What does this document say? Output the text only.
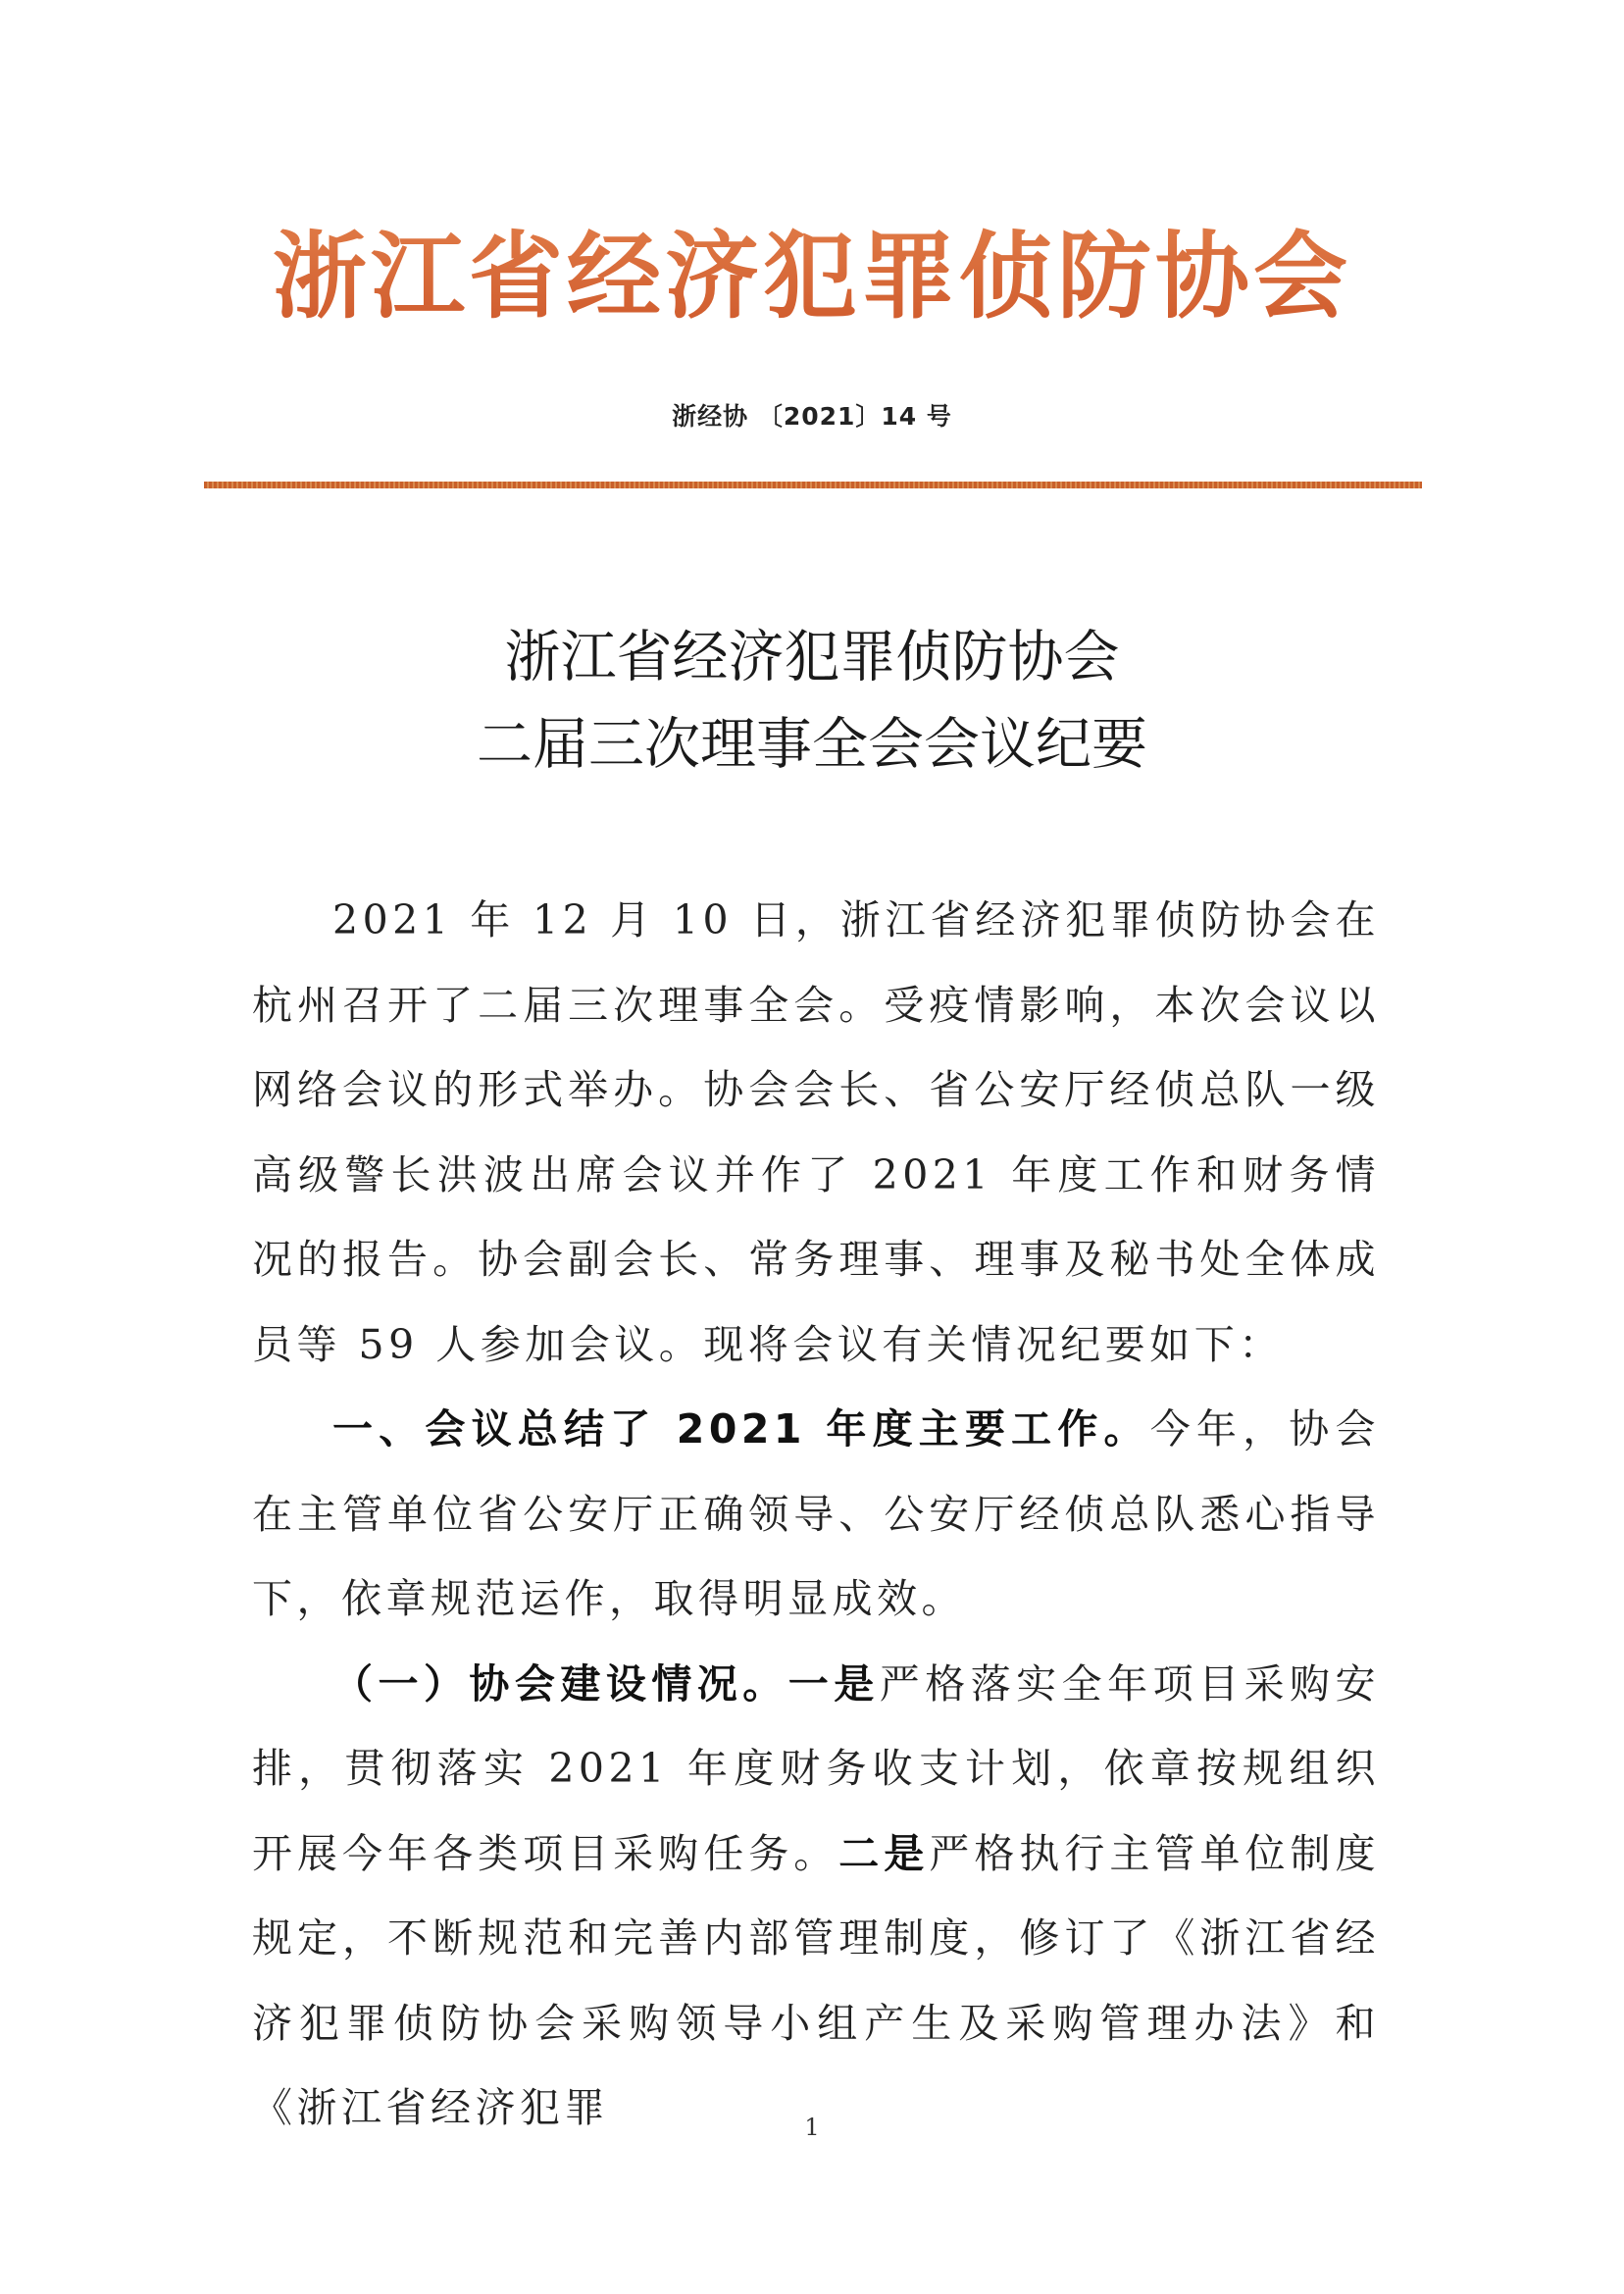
浙江省经济犯罪侦防协会
浙经协 〔2021〕14 号
浙江省经济犯罪侦防协会
二届三次理事全会会议纪要

2021 年 12 月 10 日，浙江省经济犯罪侦防协会在杭州召开了二届三次理事全会。受疫情影响，本次会议以网络会议的形式举办。协会会长、省公安厅经侦总队一级高级警长洪波出席会议并作了 2021 年度工作和财务情况的报告。协会副会长、常务理事、理事及秘书处全体成员等 59 人参加会议。现将会议有关情况纪要如下：

一、会议总结了 2021 年度主要工作。今年，协会在主管单位省公安厅正确领导、公安厅经侦总队悉心指导下，依章规范运作，取得明显成效。

（一）协会建设情况。一是严格落实全年项目采购安排，贯彻落实 2021 年度财务收支计划，依章按规组织开展今年各类项目采购任务。二是严格执行主管单位制度规定，不断规范和完善内部管理制度，修订了《浙江省经济犯罪侦防协会采购领导小组产生及采购管理办法》和《浙江省经济犯罪	1
